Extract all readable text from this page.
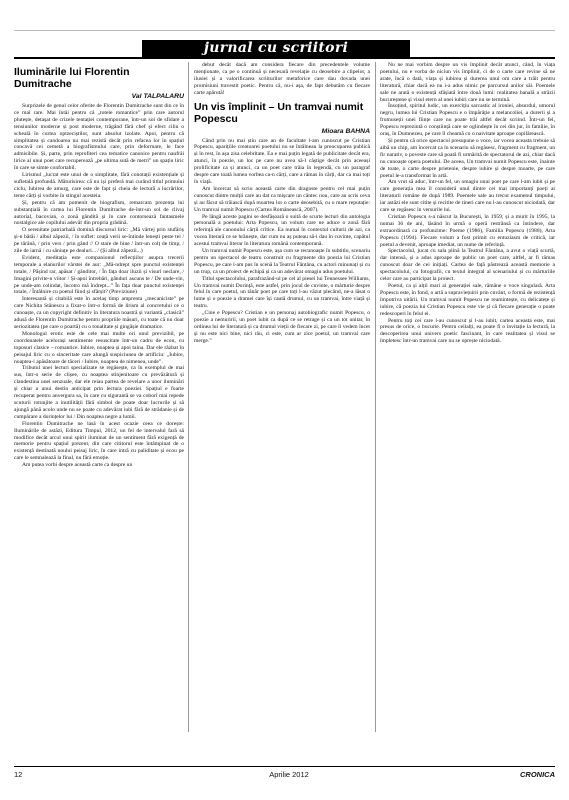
jurnal cu scriitori
Iluminările lui Florentin Dumitrache
Val TALPALARU

Surprizele de genul celor oferite de Florentin Dumitrache sunt din ce în ce mai rare. Mai întâi pentru că „totele romantice” prin care autorul plutește, detașat de crizele tentației contemporane, într-un soi de sfidare a tensiunilor moderne și post moderne, trăgând fără chef și efect ciliu o scheală în curtea optzeciștilor, sunt absolut izolate. Apoi, pentru că simplitatea și candoarea nu mai rezistă decât prin refacea lor în spațiul concavă cei cemetă a biografismului care, prin deformare, le face admisibile. Și, parte, prin reprofiteri cea tematice canonice pentru naufrăi lirice al unui poet care recuperează „pe ultima sută de metri” un spațiu liric în care se simte confortabil.

Lirismul „lucrat este unul de o simplitate, fără conotații existențiale și sufletală profundă. Măturisirea: că nu iși preferă mai curând titlul primului ciclu, Iubirea de amurg, care este de fapt și cheia de lectură a lucrărilor, teme cărți și vorbite în stingul acesteia.

Și, pentru că am pomenit de biografism, remarcam prezența lui substanțială în cartea lui Florentin Dumitrache de-într-un sol de clivaj autorial, bacovian, o zonă gândită și în care contorsează fantasmele nostalgice ale copilului adevăr din propria grădină.

O serenitate patriarhală domină discursul liric: „Mă vârtej prin stufăriș și-n bătăi / albul zăpezii, / în suflet: ceață verii se-întinde lenești peste tei / pe tărână, / prin vers / prin gând // O stare de bine / într-un colț de timp, / zile de iarnă / cu săniuțe pe dealuri... / (Și albul zăpezii...)

Evident, meditația este companionul reflecțiilor asupra trecerii temporale a elanurilor vârstei de aur: „Mă-ndrept spre punctul existenței totale, / Pășind rar, apăsat / gânditor, / În fața doar iluzii și visuri neclare, / Imagini privite-n viitor / Și-apoi întrebări, gânduri ascuns te / De unde-vin, pe unde-am colindat, încotro mă îndrept...” În fața doar punctul existenței totale, / Întâlnire cu poetul fiind și sfârșit? (Previziune)

Interesantă și citabilă este în acelaș timp amprenta „mecaniciste” pe care Nichita Stănescu a fixat-o într-o formă de lirism al concretului ce o cunoaște, ca un copyright definitiv în literatura noastră și variantă „clasică” adusă de Florentin Dumitrache pentru propriile măsuri, cu toate că nu doar seriozitatea (pe care o poartă) cu o tonalitate și gingășie dramatice.

Monologul erotic este de cele mai multe ori unul previzibil, pe coordonatele acelorași sentimente resuscitate într-un cadru de ecou, cu toposuri clasice – romantice. Iubire, noaptea și apoi taina. Dar ele răzbat în peisajul liric cu o sinceritate care alungă suspiciunea de artificiu: „Iubire, noaptea-i apăsătoare de tăceri / Iubire, noaptea de nimenea, unde”.

Tributul unei lecturi specializate se regăsește, ca în exemplul de mai sus, într-o serie de clișee, cu noaptea stinjenitoare cu prevăzătură și clandestina unei senzuale, dar ele reiau partea de revelare a unor iluminări și chiar a unui destin anticipat prin lectura poeziei. Spațiul e foarte recuperat pentru anvergura sa, în care cu sigurantă se va coborî mai repede scuturii rotunjite a inutilității fără simbol de poate doar lucrurile și să ajungă până acolo unde nu se poate cu adevărat iubi fără de strădanie și de cumpărare a dorințelor lui / Din noaptea negre a lumii.

Florentin Dumitrache ne lasă în acest ocazie ceea ce dorește: Iluminările de astăzi, Editura Timpul, 2012, un fel de intervalul fară să modifice decât arcul unui spirit iluminat de un sentiment fără exigență de memorie pentru spațiul prezent, din care cititorul este întâmpinat de o existență destinată noului peisaj liric, în care intră cu paliditate și ecou pe care le semnalează la final, nu fără emoție.

Am putea vorbi despre această carte ca despre un

debut decât dacă am considera fiecare din precedentele volume menționate, ca pe o continuă și necesară revelație cu deosebire a clipelor, a ilusiei și a valorificarea scriiturilor metaforice care dau dovada unei promisiuni travestit poetic. Pentru că, nu-i așa, de fapt debutăm cu fiecare carte apărută!

Un vis împlinit – Un tramvai numit Popescu
Mioara BAHNA

Când prin nu mai știu care an de facultate l-am cunoscut pe Cristian Popescu, aparițiile creatoarei poetului nu se întâlneau la preocuparea publică și în rest, în așa zisa celebritate. Ea e mai puțin legată de publicitate decât era, atunci, în poezie, un loc pe care nu avea să-l câștige decât prin aceeași prolificitate ca și atunci, ca un poet care trăia în legendă, cu un paragraf despre care toată lumea vorbea ca-n cărți, care a rămas în cărți, dar ca mai toți în viață.

Am încercat să scriu această carte din dragoste pentru cel mai puțin cunoscut dintre mulții care au dat ca mișcare un cântec nou, care au scris ceva și au făcut să trăiască după moartea lor o carte deosebită, cu o mare reputație: Un tramvai numit Popescu (Cartea Românească, 2007).

Pe lângă aceste pagini se desfășoară o suită de scurte lecturi din antologia personală a poetului: Arta Popescu, un volum care ne aduce o zonă fără referință ale canonului cărții critice. Ea numai în contextul culturii de azi, ca vocea literară ce se hrănește, dar cum nu aș puteau să-i dau în cuvinte, capătul acestui tramvai literar în literatura română contemporană.

Un tramvai numit Popescu este, așa cum se recunoaște în subtitlu, scenariu pentru un spectacol de teatru construit cu fragmente din poezia lui Cristian Popescu, pe care l-am pus în scenă la Teatrul Fântâna, cu actori minunați și cu un trup, ca un proiect de echipă și ca un adevărat omagiu adus poetului.

Titlul spectacolului, parafrazând-ul pe cel al piesei lui Tennessee Williams, Un tramvai numit Dorință, este astfel, prin jocul de cuvinte, o mărturie despre felul în care poetul, un tânăr poet pe care toți l-au văzut plecând, ne-a lăsat o lume și o poezie a dramei care își caută drumul, cu un tramvai, între viață și teatru.

„Cine e Popescu? Cristian e un personaj autobiografic numit Popescu, o poezie a nemuririi, un poet iubit ca după ce se retrage și ca un tot unitar, în ordinea lui de literatură și ca drumul vieții de fiecare zi, pe care îl vedem încet și nu este nici bine, nici rău, ci este, cum ar zice poetul, un tramvai care merge.”

Nu ne mai vorbim despre un vis împlinit decât atunci, când, în viața poetului, nu e vorba de niciun vis împlinit, ci de o carte care revine să ne arate, încă o dată, viața și iubirea și durerea unui om care a trăit pentru literatură, chiar dacă ea nu i-a adus nimic pe parcursul anilor săi. Poemele sale ne arată o existență sfâșiată între două lumi: realitatea banală a străzii bucureștene și visul etern al unei iubiri care nu se termină.

Însoțind, spiritul ludic, un exercițiu sarcastic al ironiei, absurdul, umorul negru, lumea lui Cristian Popescu e o împărăție a melancoliei, a durerii și a frumuseții unei ființe care nu poate trăi altfel decât scriind. Într-un fel, Popescu reprezintă o conștiință care se oglindește în cei din jur, în familie, în oraș, în Dumnezeu, pe care îl cheamă cu o naivitate aproape copilărească.

Și pentru că orice spectacol presupune o voce, iar vocea aceasta trebuie să aibă un chip, am încercat ca în scenariu să regăsesc, fragment cu fragment, un fir narativ, o poveste care să poată fi urmărită de spectatorul de azi, chiar dacă nu cunoaște opera poetului. De aceea, Un tramvai numit Popescu este, înainte de toate, o carte despre prietenie, despre iubire și despre moarte, pe care poetul le-a transformat în artă.

Am vrut să aduc, într-un fel, un omagiu unui poet pe care l-am iubit și pe care generația mea îl consideră unul dintre cei mai importanți poeți ai literaturii române de după 1989. Poemele sale au trecut examenul timpului, iar astăzi ele sunt citite și recitite de tineri care nu l-au cunoscut niciodată, dar care se regăsesc în versurile lui.

Cristian Popescu s-a născut la București, în 1959, și a murit în 1995, la numai 36 de ani, lăsând în urmă o operă restrânsă ca întindere, dar extraordinară ca profunzime: Poeme (1986), Familia Popescu (1988), Arta Popescu (1994). Fiecare volum a fost primit cu entuziasm de critică, iar poetul a devenit, aproape imediat, un nume de referință.

Spectacolul, jucat cu sala plină la Teatrul Fântâna, a avut o viață scurtă, dar intensă, și a adus aproape de public un poet care, altfel, ar fi rămas cunoscut doar de cei inițiați. Cartea de față păstrează această memorie a spectacolului, cu fotografii, cu textul integral al scenariului și cu mărturiile celor care au participat la proiect.

Poetul, ca și alții mari ai generației sale, rămâne o voce singulară. Arta Popescu este, în fond, o artă a supraviețuirii prin cuvânt, o formă de rezistență împotriva uitării. Un tramvai numit Popescu ne reamintește, cu delicatețe și iubire, că poezia lui Cristian Popescu este vie și că fiecare generație o poate redescoperi în felul ei.

Pentru toți cei care l-au cunoscut și l-au iubit, cartea aceasta este, mai presus de orice, o bucurie. Pentru ceilalți, ea poate fi o invitație la lectură, la descoperirea unui univers poetic fascinant, în care realitatea și visul se împletesc într-un tramvai care nu se oprește niciodată.

12	Aprilie 2012	CRONICA
